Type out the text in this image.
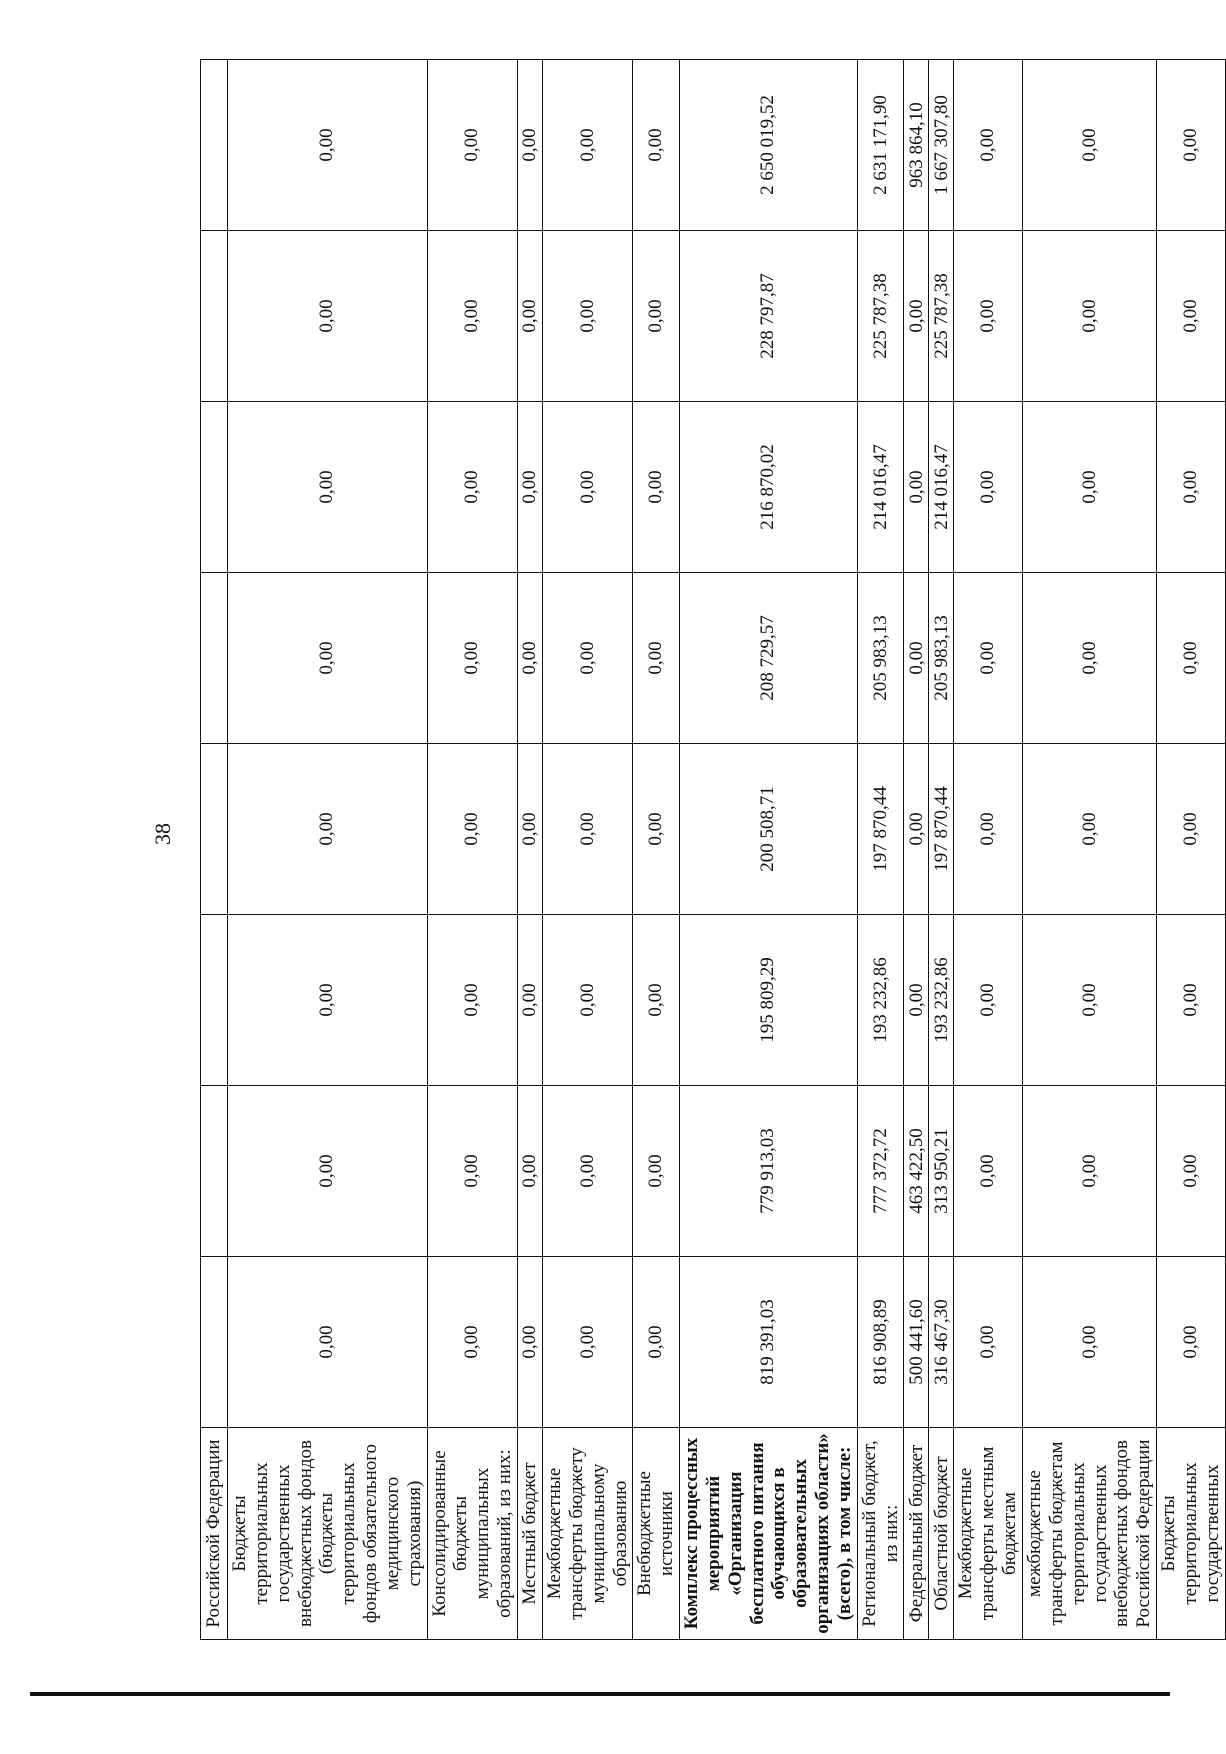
38
Российской Федерации									
Бюджеты территориальных государственных внебюджетных фондов (бюджеты территориальных фондов обязательного медицинского страхования)	0,00	0,00	0,00	0,00	0,00	0,00	0,00	0,00	
Консолидированные бюджеты муниципальных образований, из них:	0,00	0,00	0,00	0,00	0,00	0,00	0,00	0,00	
Местный бюджет	0,00	0,00	0,00	0,00	0,00	0,00	0,00	0,00	
Межбюджетные трансферты бюджету муниципальному образованию	0,00	0,00	0,00	0,00	0,00	0,00	0,00	0,00	
Внебюджетные источники	0,00	0,00	0,00	0,00	0,00	0,00	0,00	0,00	
Комплекс процессных мероприятий «Организация бесплатного питания обучающихся в образовательных организациях области» (всего), в том числе:	819 391,03	779 913,03	195 809,29	200 508,71	208 729,57	216 870,02	228 797,87	2 650 019,52	
Региональный бюджет, из них:	816 908,89	777 372,72	193 232,86	197 870,44	205 983,13	214 016,47	225 787,38	2 631 171,90	
Федеральный бюджет	500 441,60	463 422,50	0,00	0,00	0,00	0,00	0,00	963 864,10	
Областной бюджет	316 467,30	313 950,21	193 232,86	197 870,44	205 983,13	214 016,47	225 787,38	1 667 307,80	
Межбюджетные трансферты местным бюджетам	0,00	0,00	0,00	0,00	0,00	0,00	0,00	0,00	
межбюджетные трансферты бюджетам территориальных государственных внебюджетных фондов Российской Федерации	0,00	0,00	0,00	0,00	0,00	0,00	0,00	0,00	
Бюджеты территориальных государственных	0,00	0,00	0,00	0,00	0,00	0,00	0,00	0,00	
